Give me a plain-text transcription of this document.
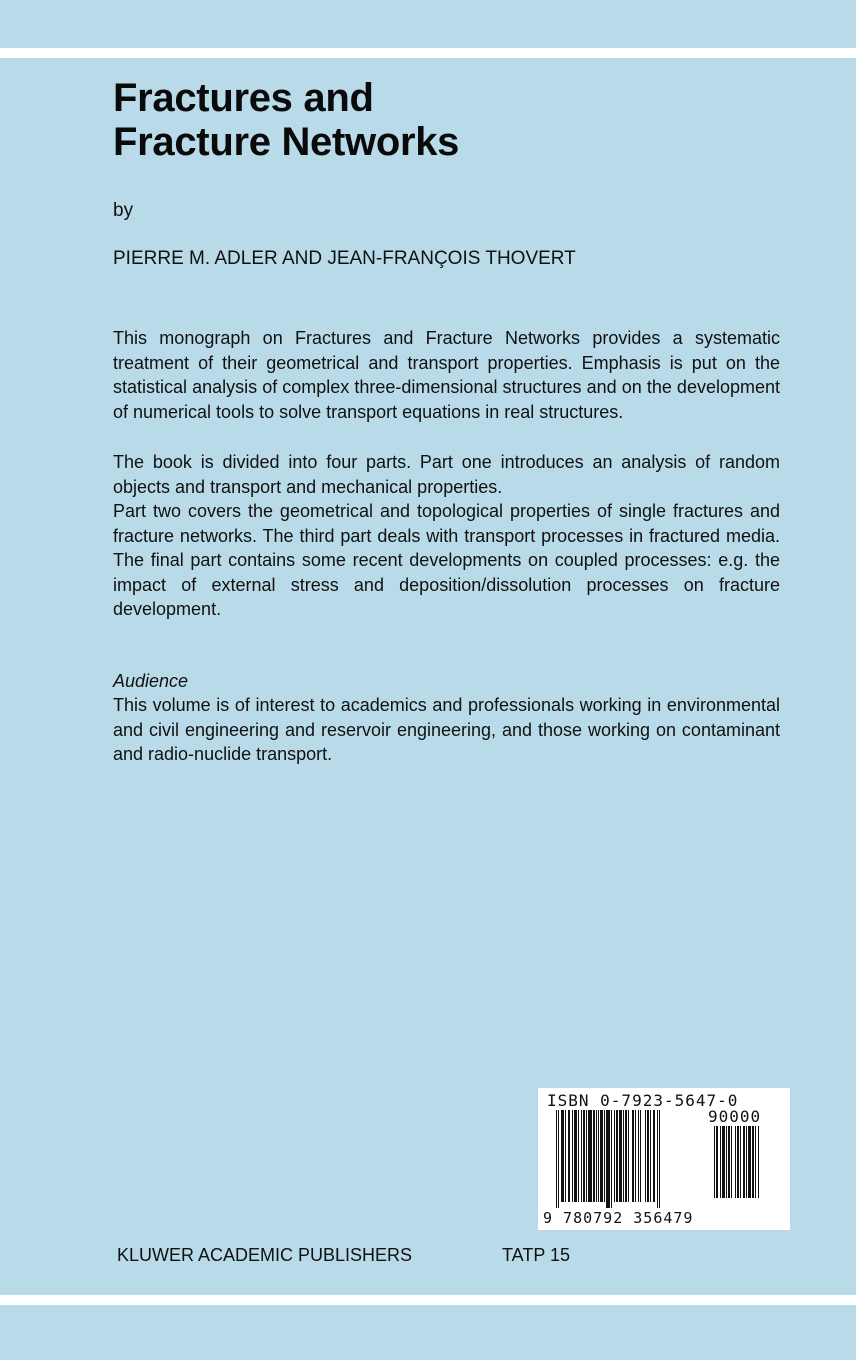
Fractures and
Fracture Networks
by
PIERRE M. ADLER AND JEAN-FRANÇOIS THOVERT

This monograph on Fractures and Fracture Networks provides a systematic treatment of their geometrical and transport properties. Emphasis is put on the statistical analysis of complex three-dimensional structures and on the development of numerical tools to solve transport equations in real structures.

The book is divided into four parts. Part one introduces an analysis of random objects and transport and mechanical properties.

Part two covers the geometrical and topological properties of single fractures and fracture networks. The third part deals with transport processes in fractured media. The final part contains some recent developments on coupled processes: e.g. the impact of external stress and deposition/dissolution processes on fracture development.

Audience

This volume is of interest to academics and professionals working in environmental and civil engineering and reservoir engineering, and those working on contaminant and radio-nuclide transport.

ISBN 0-7923-5647-0
90000
9 780792 356479
KLUWER ACADEMIC PUBLISHERS	TATP 15
